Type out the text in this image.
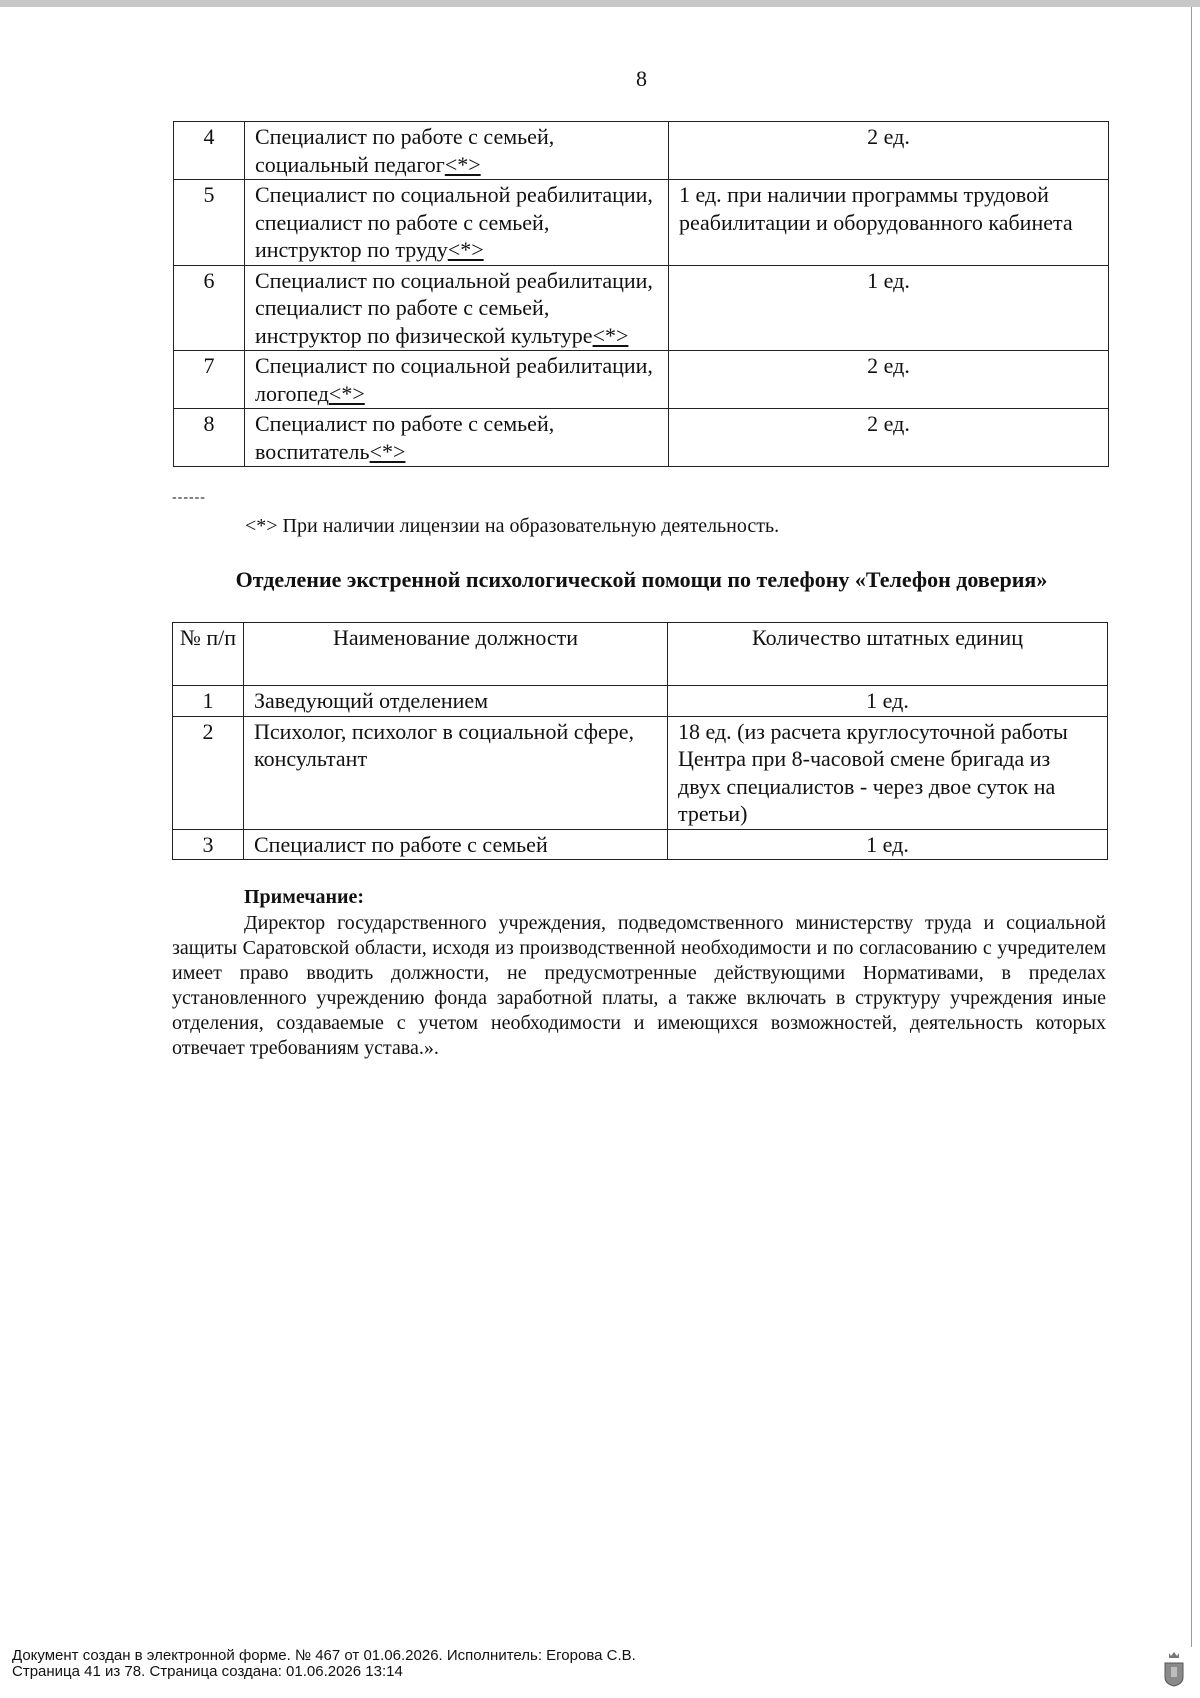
8
4	Специалист по работе с семьей, социальный педагог<*>	2 ед.
5	Специалист по социальной реабилитации, специалист по работе с семьей, инструктор по труду<*>	1 ед. при наличии программы трудовой реабилитации и оборудованного кабинета
6	Специалист по социальной реабилитации, специалист по работе с семьей, инструктор по физической культуре<*>	1 ед.
7	Специалист по социальной реабилитации, логопед<*>	2 ед.
8	Специалист по работе с семьей, воспитатель<*>	2 ед.
------
<*> При наличии лицензии на образовательную деятельность.
Отделение экстренной психологической помощи по телефону «Телефон доверия»
№ п/п	Наименование должности	Количество штатных единиц
1	Заведующий отделением	1 ед.
2	Психолог, психолог в социальной сфере, консультант	18 ед. (из расчета круглосуточной работы Центра при 8-часовой смене бригада из двух специалистов - через двое суток на третьи)
3	Специалист по работе с семьей	1 ед.
Примечание:
Директор государственного учреждения, подведомственного министерству труда и социальной защиты Саратовской области, исходя из производственной необходимости и по согласованию с учредителем имеет право вводить должности, не предусмотренные действующими Нормативами, в пределах установленного учреждению фонда заработной платы, а также включать в структуру учреждения иные отделения, создаваемые с учетом необходимости и имеющихся возможностей, деятельность которых отвечает требованиям устава.».
Документ создан в электронной форме. № 467 от 01.06.2026. Исполнитель: Егорова С.В.
Страница 41 из 78. Страница создана: 01.06.2026 13:14
